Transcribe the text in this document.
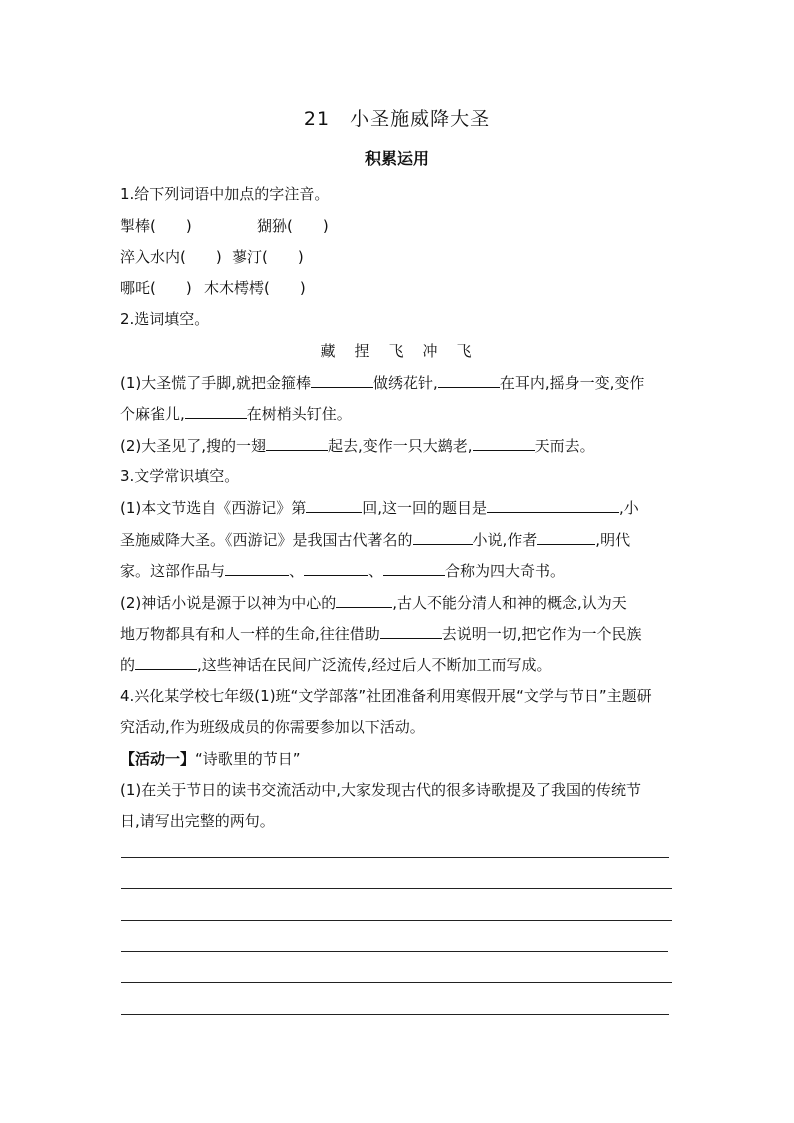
21　小圣施威降大圣
积累运用
1.给下列词语中加点的字注音。
掣棒(　　)	猢狲(　　)
淬入水内(　　) 蓼汀(　　)
哪吒(　　) 木木樗樗(　　)
2.选词填空。
藏　捏　飞　冲　飞
(1)大圣慌了手脚,就把金箍棒	做绣花针,	在耳内,摇身一变,变作
个麻雀儿,	在树梢头钉住。
(2)大圣见了,搜的一翅	起去,变作一只大鹚老,	天而去。
3.文学常识填空。
(1)本文节选自《西游记》第	回,这一回的题目是	,小
圣施威降大圣。《西游记》是我国古代著名的	小说,作者	,明代
家。这部作品与	、	、	合称为四大奇书。
(2)神话小说是源于以神为中心的	,古人不能分清人和神的概念,认为天
地万物都具有和人一样的生命,往往借助	去说明一切,把它作为一个民族
的	,这些神话在民间广泛流传,经过后人不断加工而写成。
4.兴化某学校七年级(1)班“文学部落”社团准备利用寒假开展“文学与节日”主题研
究活动,作为班级成员的你需要参加以下活动。
【活动一】“诗歌里的节日”
(1)在关于节日的读书交流活动中,大家发现古代的很多诗歌提及了我国的传统节
日,请写出完整的两句。
